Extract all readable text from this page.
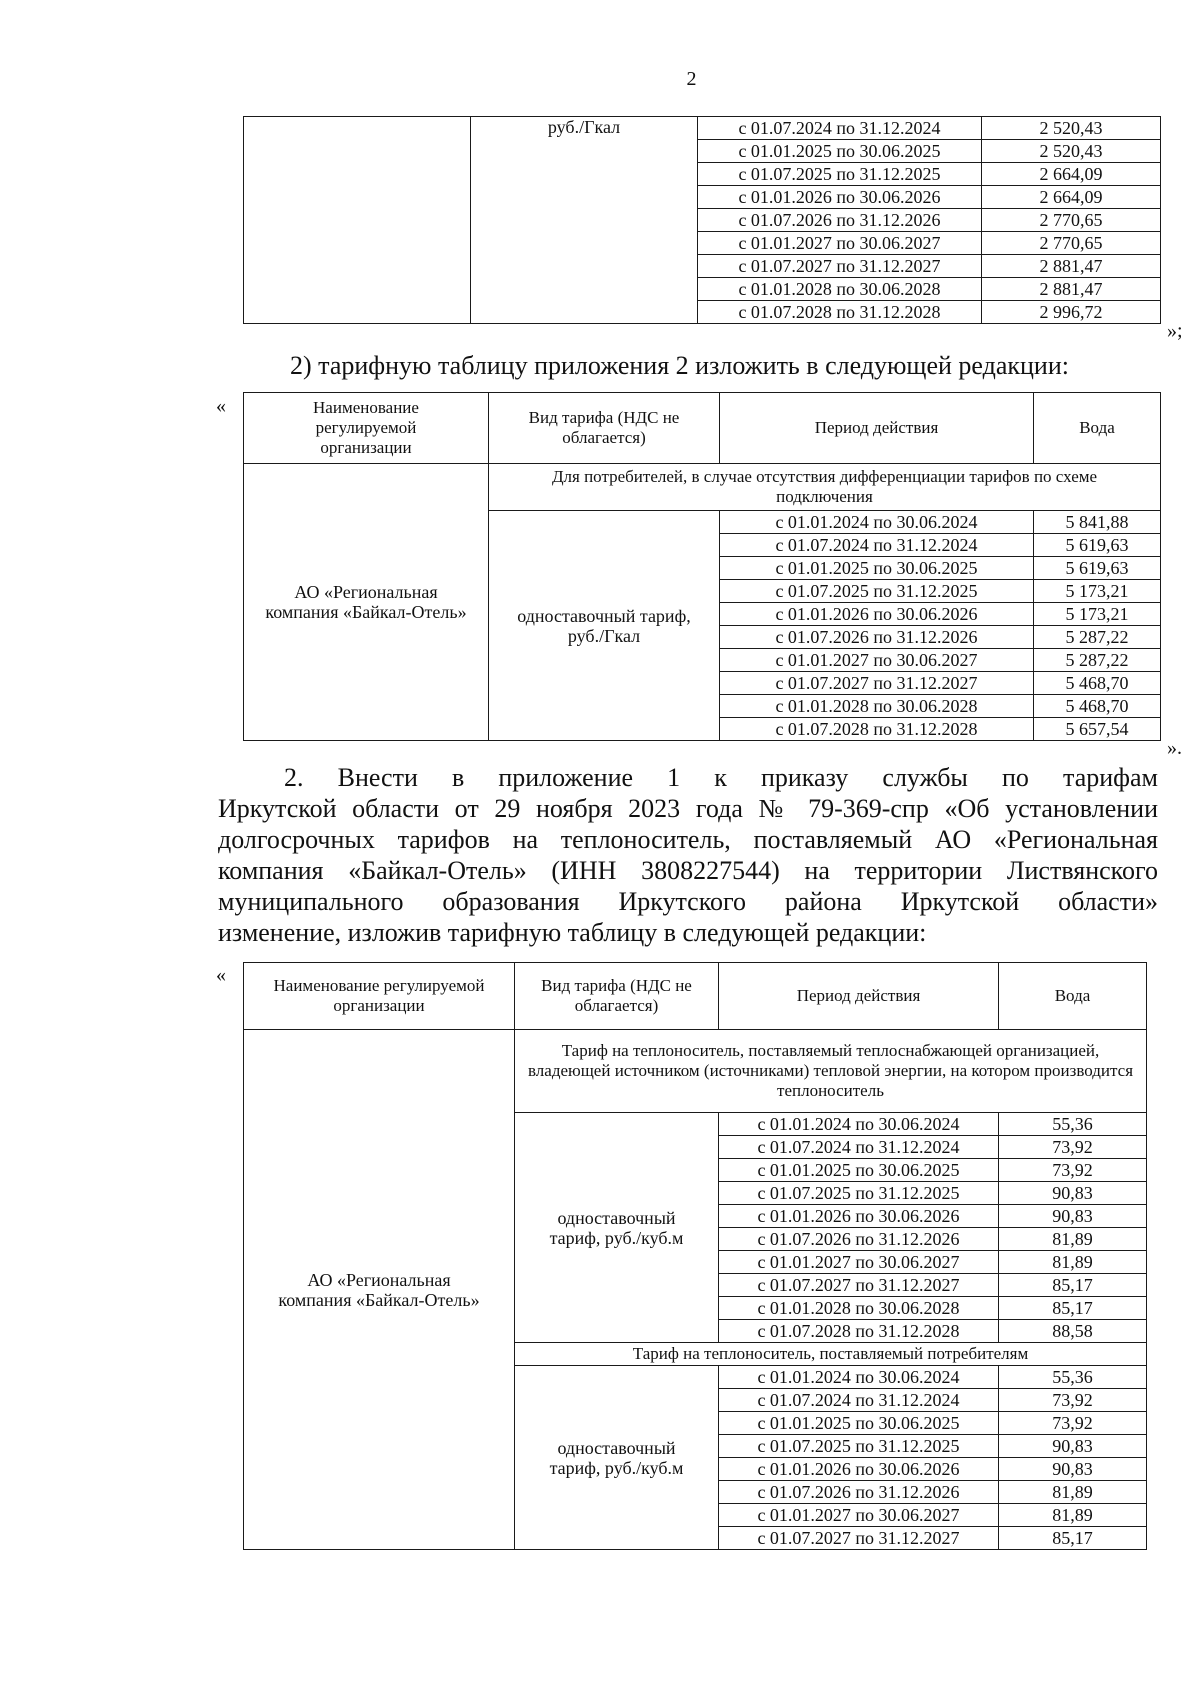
2
	руб./Гкал	с 01.07.2024 по 31.12.2024	2 520,43
		с 01.01.2025 по 30.06.2025	2 520,43
		с 01.07.2025 по 31.12.2025	2 664,09
		с 01.01.2026 по 30.06.2026	2 664,09
		с 01.07.2026 по 31.12.2026	2 770,65
		с 01.01.2027 по 30.06.2027	2 770,65
		с 01.07.2027 по 31.12.2027	2 881,47
		с 01.01.2028 по 30.06.2028	2 881,47
		с 01.07.2028 по 31.12.2028	2 996,72
»;
2) тарифную таблицу приложения 2 изложить в следующей редакции:
«	Наименование регулируемой организации	Вид тарифа (НДС не облагается)	Период действия	Вода
АО «Региональная компания «Байкал-Отель»	Для потребителей, в случае отсутствия дифференциации тарифов по схеме подключения		
	одноставочный тариф, руб./Гкал	с 01.01.2024 по 30.06.2024	5 841,88
		с 01.07.2024 по 31.12.2024	5 619,63
		с 01.01.2025 по 30.06.2025	5 619,63
		с 01.07.2025 по 31.12.2025	5 173,21
		с 01.01.2026 по 30.06.2026	5 173,21
		с 01.07.2026 по 31.12.2026	5 287,22
		с 01.01.2027 по 30.06.2027	5 287,22
		с 01.07.2027 по 31.12.2027	5 468,70
		с 01.01.2028 по 30.06.2028	5 468,70
		с 01.07.2028 по 31.12.2028	5 657,54
».
2. Внести в приложение 1 к приказу службы по тарифам
Иркутской области от 29 ноября 2023 года № 79-369-спр «Об установлении
долгосрочных тарифов на теплоноситель, поставляемый АО «Региональная
компания «Байкал-Отель» (ИНН 3808227544) на территории Листвянского
муниципального образования Иркутского района Иркутской области»
изменение, изложив тарифную таблицу в следующей редакции:
«	Наименование регулируемой организации	Вид тарифа (НДС не облагается)	Период действия	Вода
АО «Региональная компания «Байкал-Отель»	Тариф на теплоноситель, поставляемый теплоснабжающей организацией, владеющей источником (источниками) тепловой энергии, на котором производится теплоноситель		
	одноставочный тариф, руб./куб.м	с 01.01.2024 по 30.06.2024	55,36
		с 01.07.2024 по 31.12.2024	73,92
		с 01.01.2025 по 30.06.2025	73,92
		с 01.07.2025 по 31.12.2025	90,83
		с 01.01.2026 по 30.06.2026	90,83
		с 01.07.2026 по 31.12.2026	81,89
		с 01.01.2027 по 30.06.2027	81,89
		с 01.07.2027 по 31.12.2027	85,17
		с 01.01.2028 по 30.06.2028	85,17
		с 01.07.2028 по 31.12.2028	88,58
	Тариф на теплоноситель, поставляемый потребителям		
	одноставочный тариф, руб./куб.м	с 01.01.2024 по 30.06.2024	55,36
		с 01.07.2024 по 31.12.2024	73,92
		с 01.01.2025 по 30.06.2025	73,92
		с 01.07.2025 по 31.12.2025	90,83
		с 01.01.2026 по 30.06.2026	90,83
		с 01.07.2026 по 31.12.2026	81,89
		с 01.01.2027 по 30.06.2027	81,89
		с 01.07.2027 по 31.12.2027	85,17
